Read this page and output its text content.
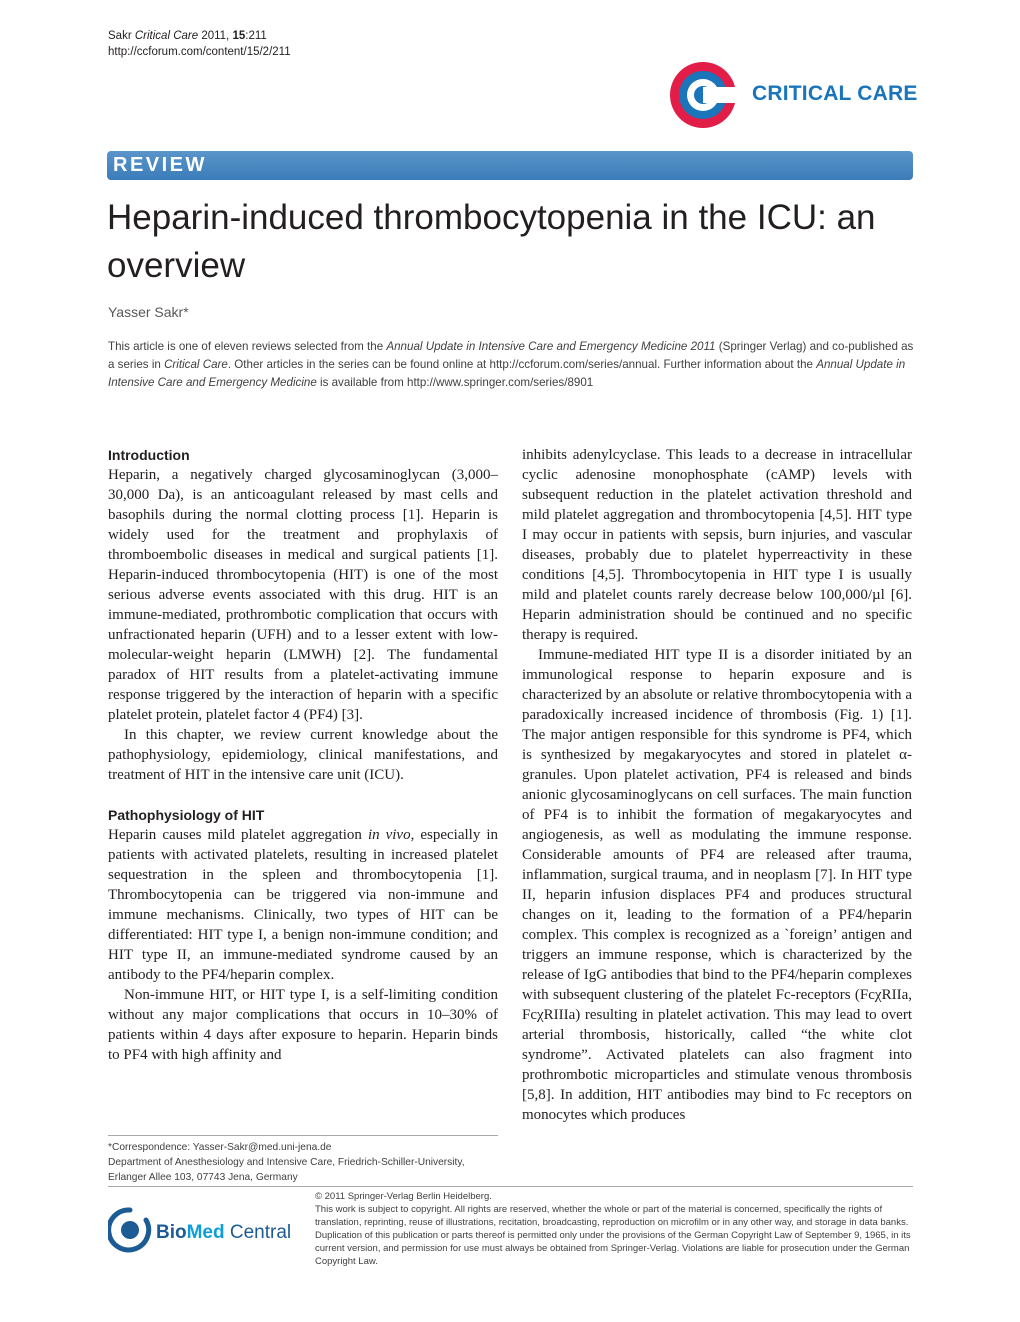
Sakr Critical Care 2011, 15:211
http://ccforum.com/content/15/2/211
CRITICAL CARE
REVIEW
Heparin-induced thrombocytopenia in the ICU: an overview
Yasser Sakr*
This article is one of eleven reviews selected from the Annual Update in Intensive Care and Emergency Medicine 2011 (Springer Verlag) and co-published as a series in Critical Care. Other articles in the series can be found online at http://ccforum.com/series/annual. Further information about the Annual Update in Intensive Care and Emergency Medicine is available from http://www.springer.com/series/8901
Introduction

Heparin, a negatively charged glycosaminoglycan (3,000–30,000 Da), is an anticoagulant released by mast cells and basophils during the normal clotting process [1]. Heparin is widely used for the treatment and prophylaxis of thromboembolic diseases in medical and surgical patients [1]. Heparin-induced thrombocytopenia (HIT) is one of the most serious adverse events associated with this drug. HIT is an immune-mediated, prothrombotic complication that occurs with unfractionated heparin (UFH) and to a lesser extent with low-molecular-weight heparin (LMWH) [2]. The fundamental paradox of HIT results from a platelet-activating immune response triggered by the interaction of heparin with a specific platelet protein, platelet factor 4 (PF4) [3].

In this chapter, we review current knowledge about the pathophysiology, epidemiology, clinical manifestations, and treatment of HIT in the intensive care unit (ICU).

Pathophysiology of HIT

Heparin causes mild platelet aggregation in vivo, especially in patients with activated platelets, resulting in increased platelet sequestration in the spleen and thrombocytopenia [1]. Thrombocytopenia can be triggered via non-immune and immune mechanisms. Clinically, two types of HIT can be differentiated: HIT type I, a benign non-immune condition; and HIT type II, an immune-mediated syndrome caused by an antibody to the PF4/heparin complex.

Non-immune HIT, or HIT type I, is a self-limiting condition without any major complications that occurs in 10–30% of patients within 4 days after exposure to heparin. Heparin binds to PF4 with high affinity and

inhibits adenylcyclase. This leads to a decrease in intracellular cyclic adenosine monophosphate (cAMP) levels with subsequent reduction in the platelet activation threshold and mild platelet aggregation and thrombocytopenia [4,5]. HIT type I may occur in patients with sepsis, burn injuries, and vascular diseases, probably due to platelet hyperreactivity in these conditions [4,5]. Thrombocytopenia in HIT type I is usually mild and platelet counts rarely decrease below 100,000/µl [6]. Heparin administration should be continued and no specific therapy is required.

Immune-mediated HIT type II is a disorder initiated by an immunological response to heparin exposure and is characterized by an absolute or relative thrombocytopenia with a paradoxically increased incidence of thrombosis (Fig. 1) [1]. The major antigen responsible for this syndrome is PF4, which is synthesized by megakaryocytes and stored in platelet α-granules. Upon platelet activation, PF4 is released and binds anionic glycosaminoglycans on cell surfaces. The main function of PF4 is to inhibit the formation of megakaryocytes and angiogenesis, as well as modulating the immune response. Considerable amounts of PF4 are released after trauma, inflammation, surgical trauma, and in neoplasm [7]. In HIT type II, heparin infusion displaces PF4 and produces structural changes on it, leading to the formation of a PF4/heparin complex. This complex is recognized as a `foreign’ antigen and triggers an immune response, which is characterized by the release of IgG antibodies that bind to the PF4/heparin complexes with subsequent clustering of the platelet Fc-receptors (FcχRIIa, FcχRIIIa) resulting in platelet activation. This may lead to overt arterial thrombosis, historically, called “the white clot syndrome”. Activated platelets can also fragment into prothrombotic microparticles and stimulate venous thrombosis [5,8]. In addition, HIT antibodies may bind to Fc receptors on monocytes which produces

*Correspondence: Yasser-Sakr@med.uni-jena.de
Department of Anesthesiology and Intensive Care, Friedrich-Schiller-University, Erlanger Allee 103, 07743 Jena, Germany
BioMed Central
© 2011 Springer-Verlag Berlin Heidelberg.
This work is subject to copyright. All rights are reserved, whether the whole or part of the material is concerned, specifically the rights of translation, reprinting, reuse of illustrations, recitation, broadcasting, reproduction on microfilm or in any other way, and storage in data banks. Duplication of this publication or parts thereof is permitted only under the provisions of the German Copyright Law of September 9, 1965, in its current version, and permission for use must always be obtained from Springer-Verlag. Violations are liable for prosecution under the German Copyright Law.
